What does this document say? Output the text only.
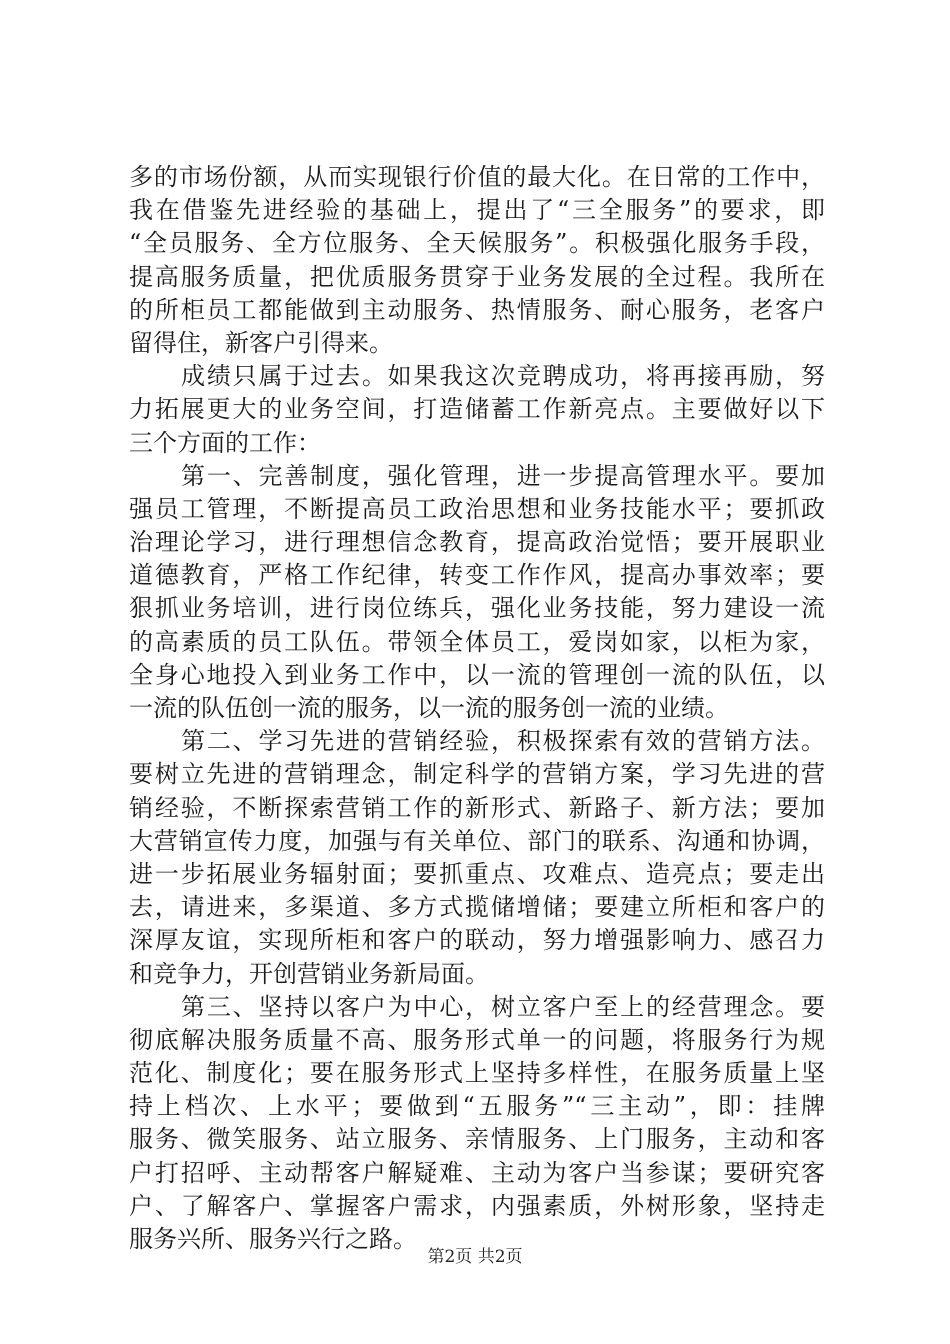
多的市场份额，从而实现银行价值的最大化。在日常的工作中，
我在借鉴先进经验的基础上，提出了“三全服务”的要求，即
“全员服务、全方位服务、全天候服务”。积极强化服务手段，
提高服务质量，把优质服务贯穿于业务发展的全过程。我所在
的所柜员工都能做到主动服务、热情服务、耐心服务，老客户
留得住，新客户引得来。
成绩只属于过去。如果我这次竞聘成功，将再接再励，努
力拓展更大的业务空间，打造储蓄工作新亮点。主要做好以下
三个方面的工作：
第一、完善制度，强化管理，进一步提高管理水平。要加
强员工管理，不断提高员工政治思想和业务技能水平；要抓政
治理论学习，进行理想信念教育，提高政治觉悟；要开展职业
道德教育，严格工作纪律，转变工作作风，提高办事效率；要
狠抓业务培训，进行岗位练兵，强化业务技能，努力建设一流
的高素质的员工队伍。带领全体员工，爱岗如家，以柜为家，
全身心地投入到业务工作中，以一流的管理创一流的队伍，以
一流的队伍创一流的服务，以一流的服务创一流的业绩。
第二、学习先进的营销经验，积极探索有效的营销方法。
要树立先进的营销理念，制定科学的营销方案，学习先进的营
销经验，不断探索营销工作的新形式、新路子、新方法；要加
大营销宣传力度，加强与有关单位、部门的联系、沟通和协调，
进一步拓展业务辐射面；要抓重点、攻难点、造亮点；要走出
去，请进来，多渠道、多方式揽储增储；要建立所柜和客户的
深厚友谊，实现所柜和客户的联动，努力增强影响力、感召力
和竞争力，开创营销业务新局面。
第三、坚持以客户为中心，树立客户至上的经营理念。要
彻底解决服务质量不高、服务形式单一的问题，将服务行为规
范化、制度化；要在服务形式上坚持多样性，在服务质量上坚
持上档次、上水平；要做到“五服务”“三主动”，即：挂牌
服务、微笑服务、站立服务、亲情服务、上门服务，主动和客
户打招呼、主动帮客户解疑难、主动为客户当参谋；要研究客
户、了解客户、掌握客户需求，内强素质，外树形象，坚持走
服务兴所、服务兴行之路。
第2页 共2页
